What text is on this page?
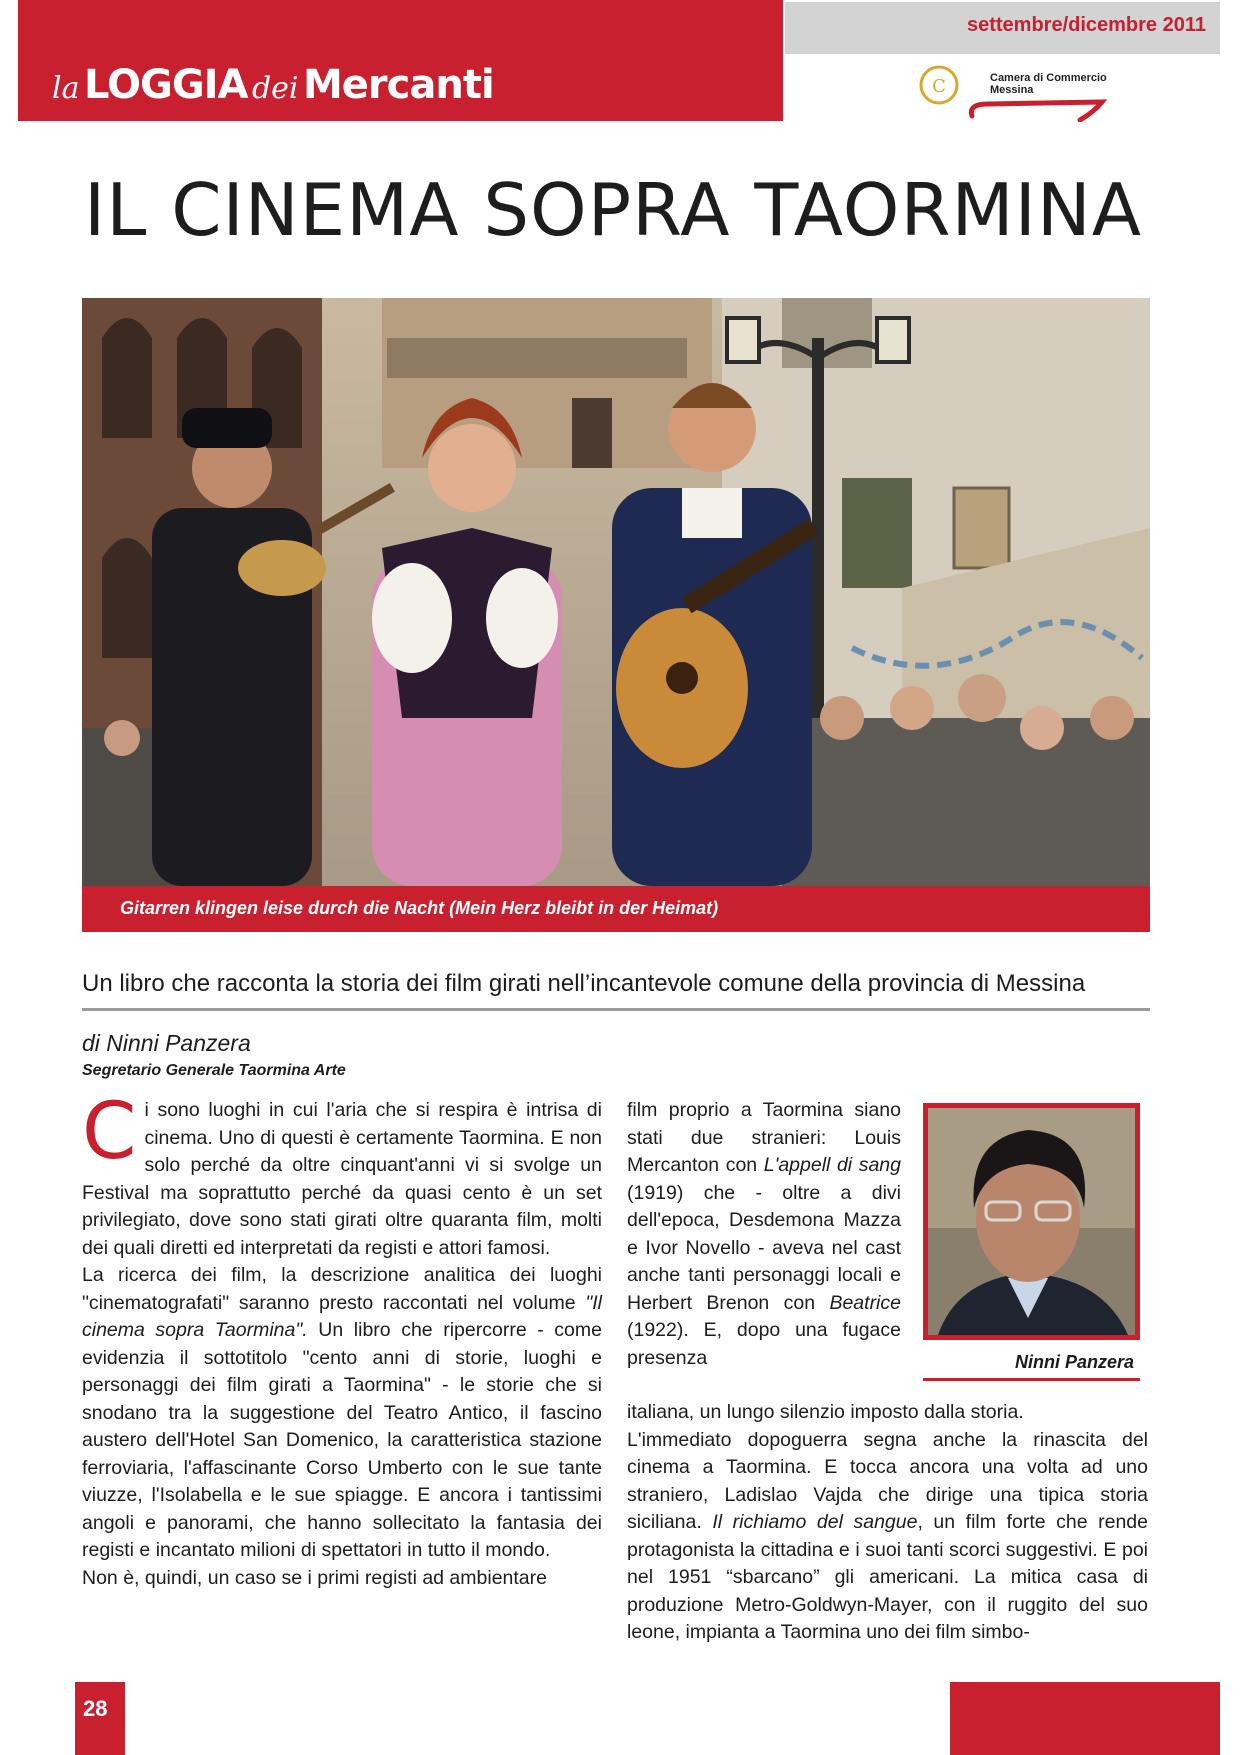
la LOGGIA dei Mercanti
settembre/dicembre 2011
C	Camera di Commercio
Messina
IL CINEMA SOPRA TAORMINA
Gitarren klingen leise durch die Nacht (Mein Herz bleibt in der Heimat)
Un libro che racconta la storia dei film girati nell’incantevole comune della provincia di Messina
di Ninni Panzera
Segretario Generale Taormina Arte

Ci sono luoghi in cui l'aria che si respira è intrisa di cinema. Uno di questi è certamente Taormina. E non solo perché da oltre cinquant'anni vi si svolge un Festival ma soprattutto perché da quasi cento è un set privilegiato, dove sono stati girati oltre quaranta film, molti dei quali diretti ed interpretati da registi e attori famosi.

La ricerca dei film, la descrizione analitica dei luoghi "cinematografati" saranno presto raccontati nel volume "Il cinema sopra Taormina". Un libro che ripercorre - come evidenzia il sottotitolo "cento anni di storie, luoghi e personaggi dei film girati a Taormina" - le storie che si snodano tra la suggestione del Teatro Antico, il fascino austero dell'Hotel San Domenico, la caratteristica stazione ferroviaria, l'affascinante Corso Umberto con le sue tante viuzze, l'Isolabella e le sue spiagge. E ancora i tantissimi angoli e panorami, che hanno sollecitato la fantasia dei registi e incantato milioni di spettatori in tutto il mondo.

Non è, quindi, un caso se i primi registi ad ambientare

film proprio a Taormina siano stati due stranieri: Louis Mercanton con L'appell di sang (1919) che - oltre a divi dell'epoca, Desdemona Mazza e Ivor Novello - aveva nel cast anche tanti personaggi locali e Herbert Brenon con Beatrice (1922). E, dopo una fugace presenza

italiana, un lungo silenzio imposto dalla storia.

L'immediato dopoguerra segna anche la rinascita del cinema a Taormina. E tocca ancora una volta ad uno straniero, Ladislao Vajda che dirige una tipica storia siciliana. Il richiamo del sangue, un film forte che rende protagonista la cittadina e i suoi tanti scorci suggestivi. E poi nel 1951 “sbarcano” gli americani. La mitica casa di produzione Metro-Goldwyn-Mayer, con il ruggito del suo leone, impianta a Taormina uno dei film simbo-

Ninni Panzera
28
